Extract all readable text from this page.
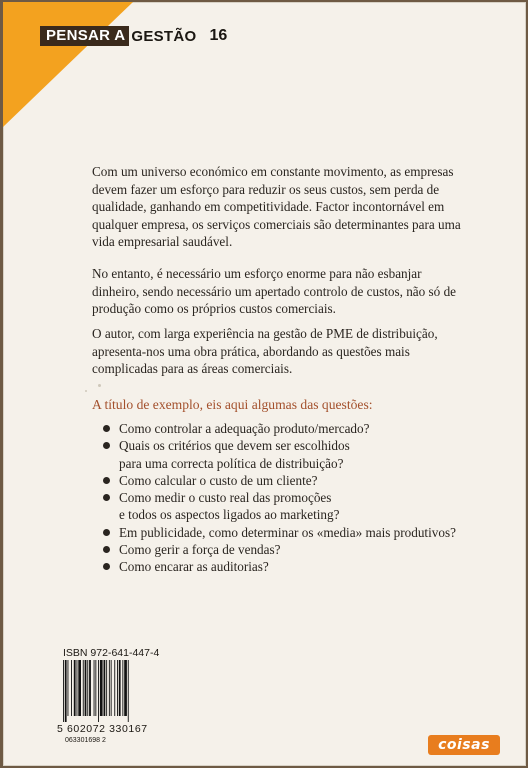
PENSAR A GESTÃO 16

Com um universo económico em constante movimento, as empresas devem fazer um esforço para reduzir os seus custos, sem perda de qualidade, ganhando em competitividade. Factor incontornável em qualquer empresa, os serviços comerciais são determinantes para uma vida empresarial saudável.

No entanto, é necessário um esforço enorme para não esbanjar dinheiro, sendo necessário um apertado controlo de custos, não só de produção como os próprios custos comerciais.

O autor, com larga experiência na gestão de PME de distribuição, apresenta-nos uma obra prática, abordando as questões mais complicadas para as áreas comerciais.

A título de exemplo, eis aqui algumas das questões:
Como controlar a adequação produto/mercado?
Quais os critérios que devem ser escolhidos
para uma correcta política de distribuição?
Como calcular o custo de um cliente?
Como medir o custo real das promoções
e todos os aspectos ligados ao marketing?
Em publicidade, como determinar os «media» mais produtivos?
Como gerir a força de vendas?
Como encarar as auditorias?
ISBN 972-641-447-4
5 602072 330167
063301698 2	coisas
